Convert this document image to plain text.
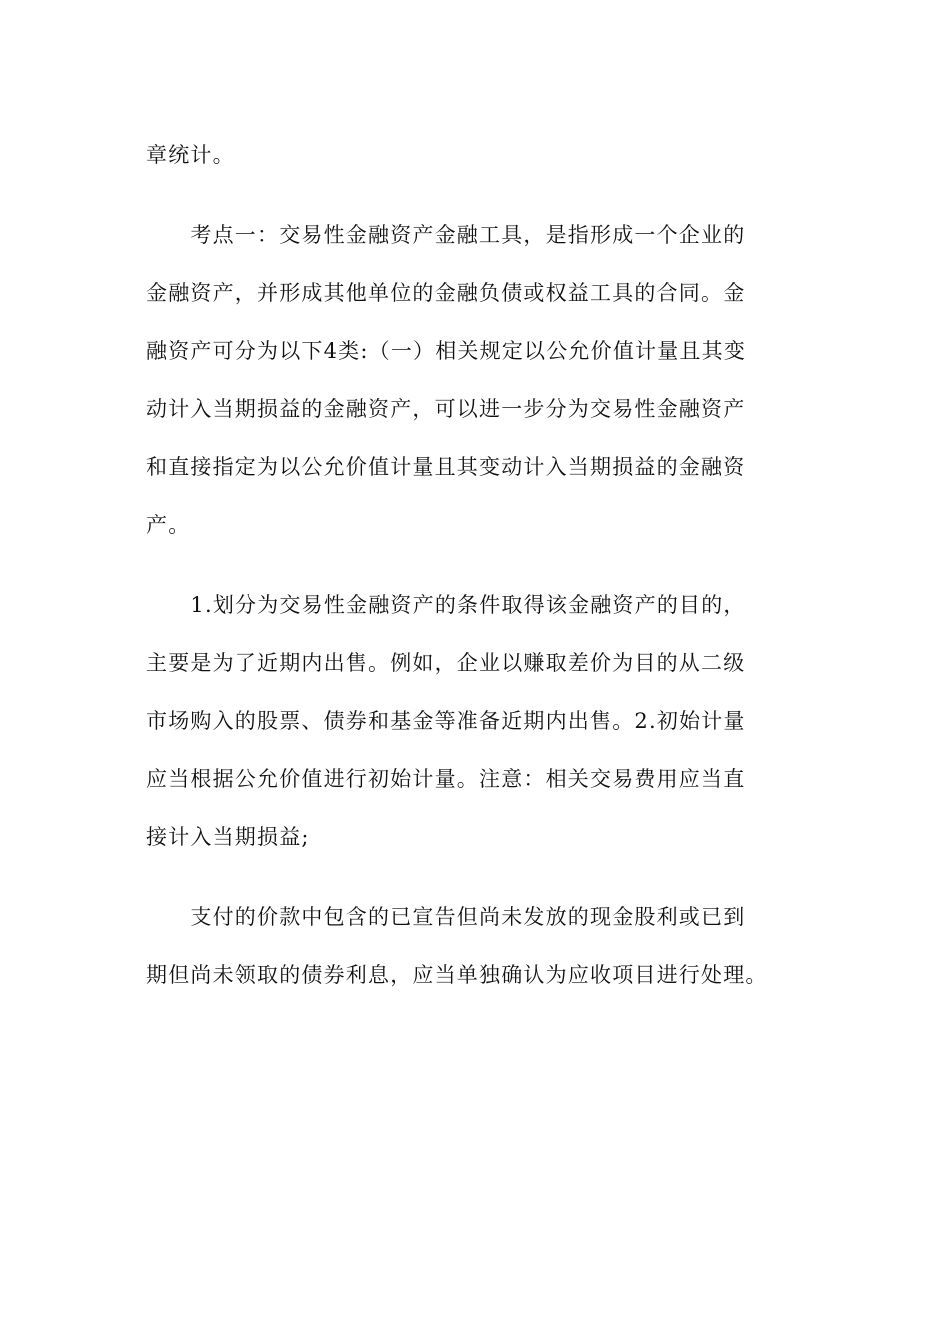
章统计。
　　考点一：交易性金融资产金融工具，是指形成一个企业的
金融资产，并形成其他单位的金融负债或权益工具的合同。金
融资产可分为以下4类:（一）相关规定以公允价值计量且其变
动计入当期损益的金融资产，可以进一步分为交易性金融资产
和直接指定为以公允价值计量且其变动计入当期损益的金融资
产。
　　1.划分为交易性金融资产的条件取得该金融资产的目的，
主要是为了近期内出售。例如，企业以赚取差价为目的从二级
市场购入的股票、债券和基金等准备近期内出售。2.初始计量
应当根据公允价值进行初始计量。注意：相关交易费用应当直
接计入当期损益;
　　支付的价款中包含的已宣告但尚未发放的现金股利或已到
期但尚未领取的债券利息，应当单独确认为应收项目进行处理。
